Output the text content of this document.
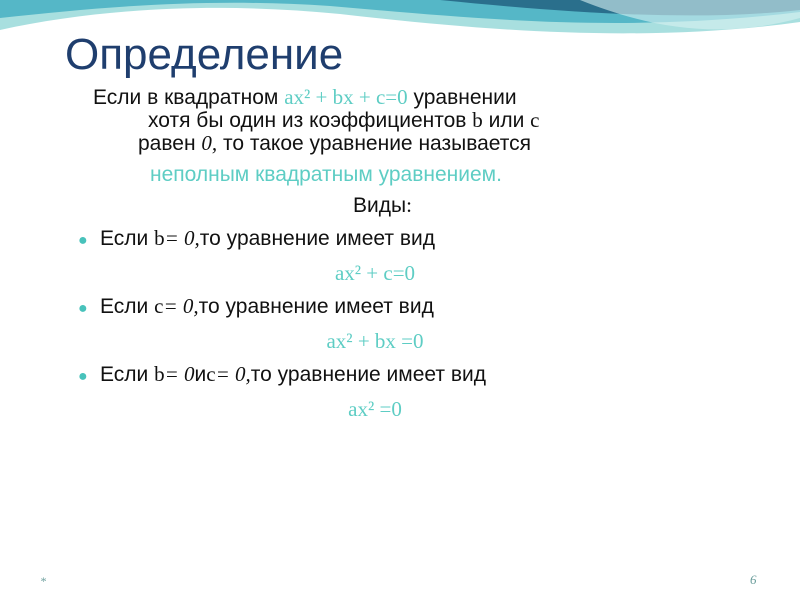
Определение
Если в квадратном ax² + bx + c=0 уравнении
хотя бы один из коэффициентов b или c
равен 0, то такое уравнение называется
неполным квадратным уравнением.
Виды:
● Если
b = 0, то уравнение имеет вид
ax² + c=0
● Если
c = 0, то уравнение имеет вид
ax² + bx =0
● Если
b = 0 и c = 0, то уравнение имеет вид
ax² =0
*	6
